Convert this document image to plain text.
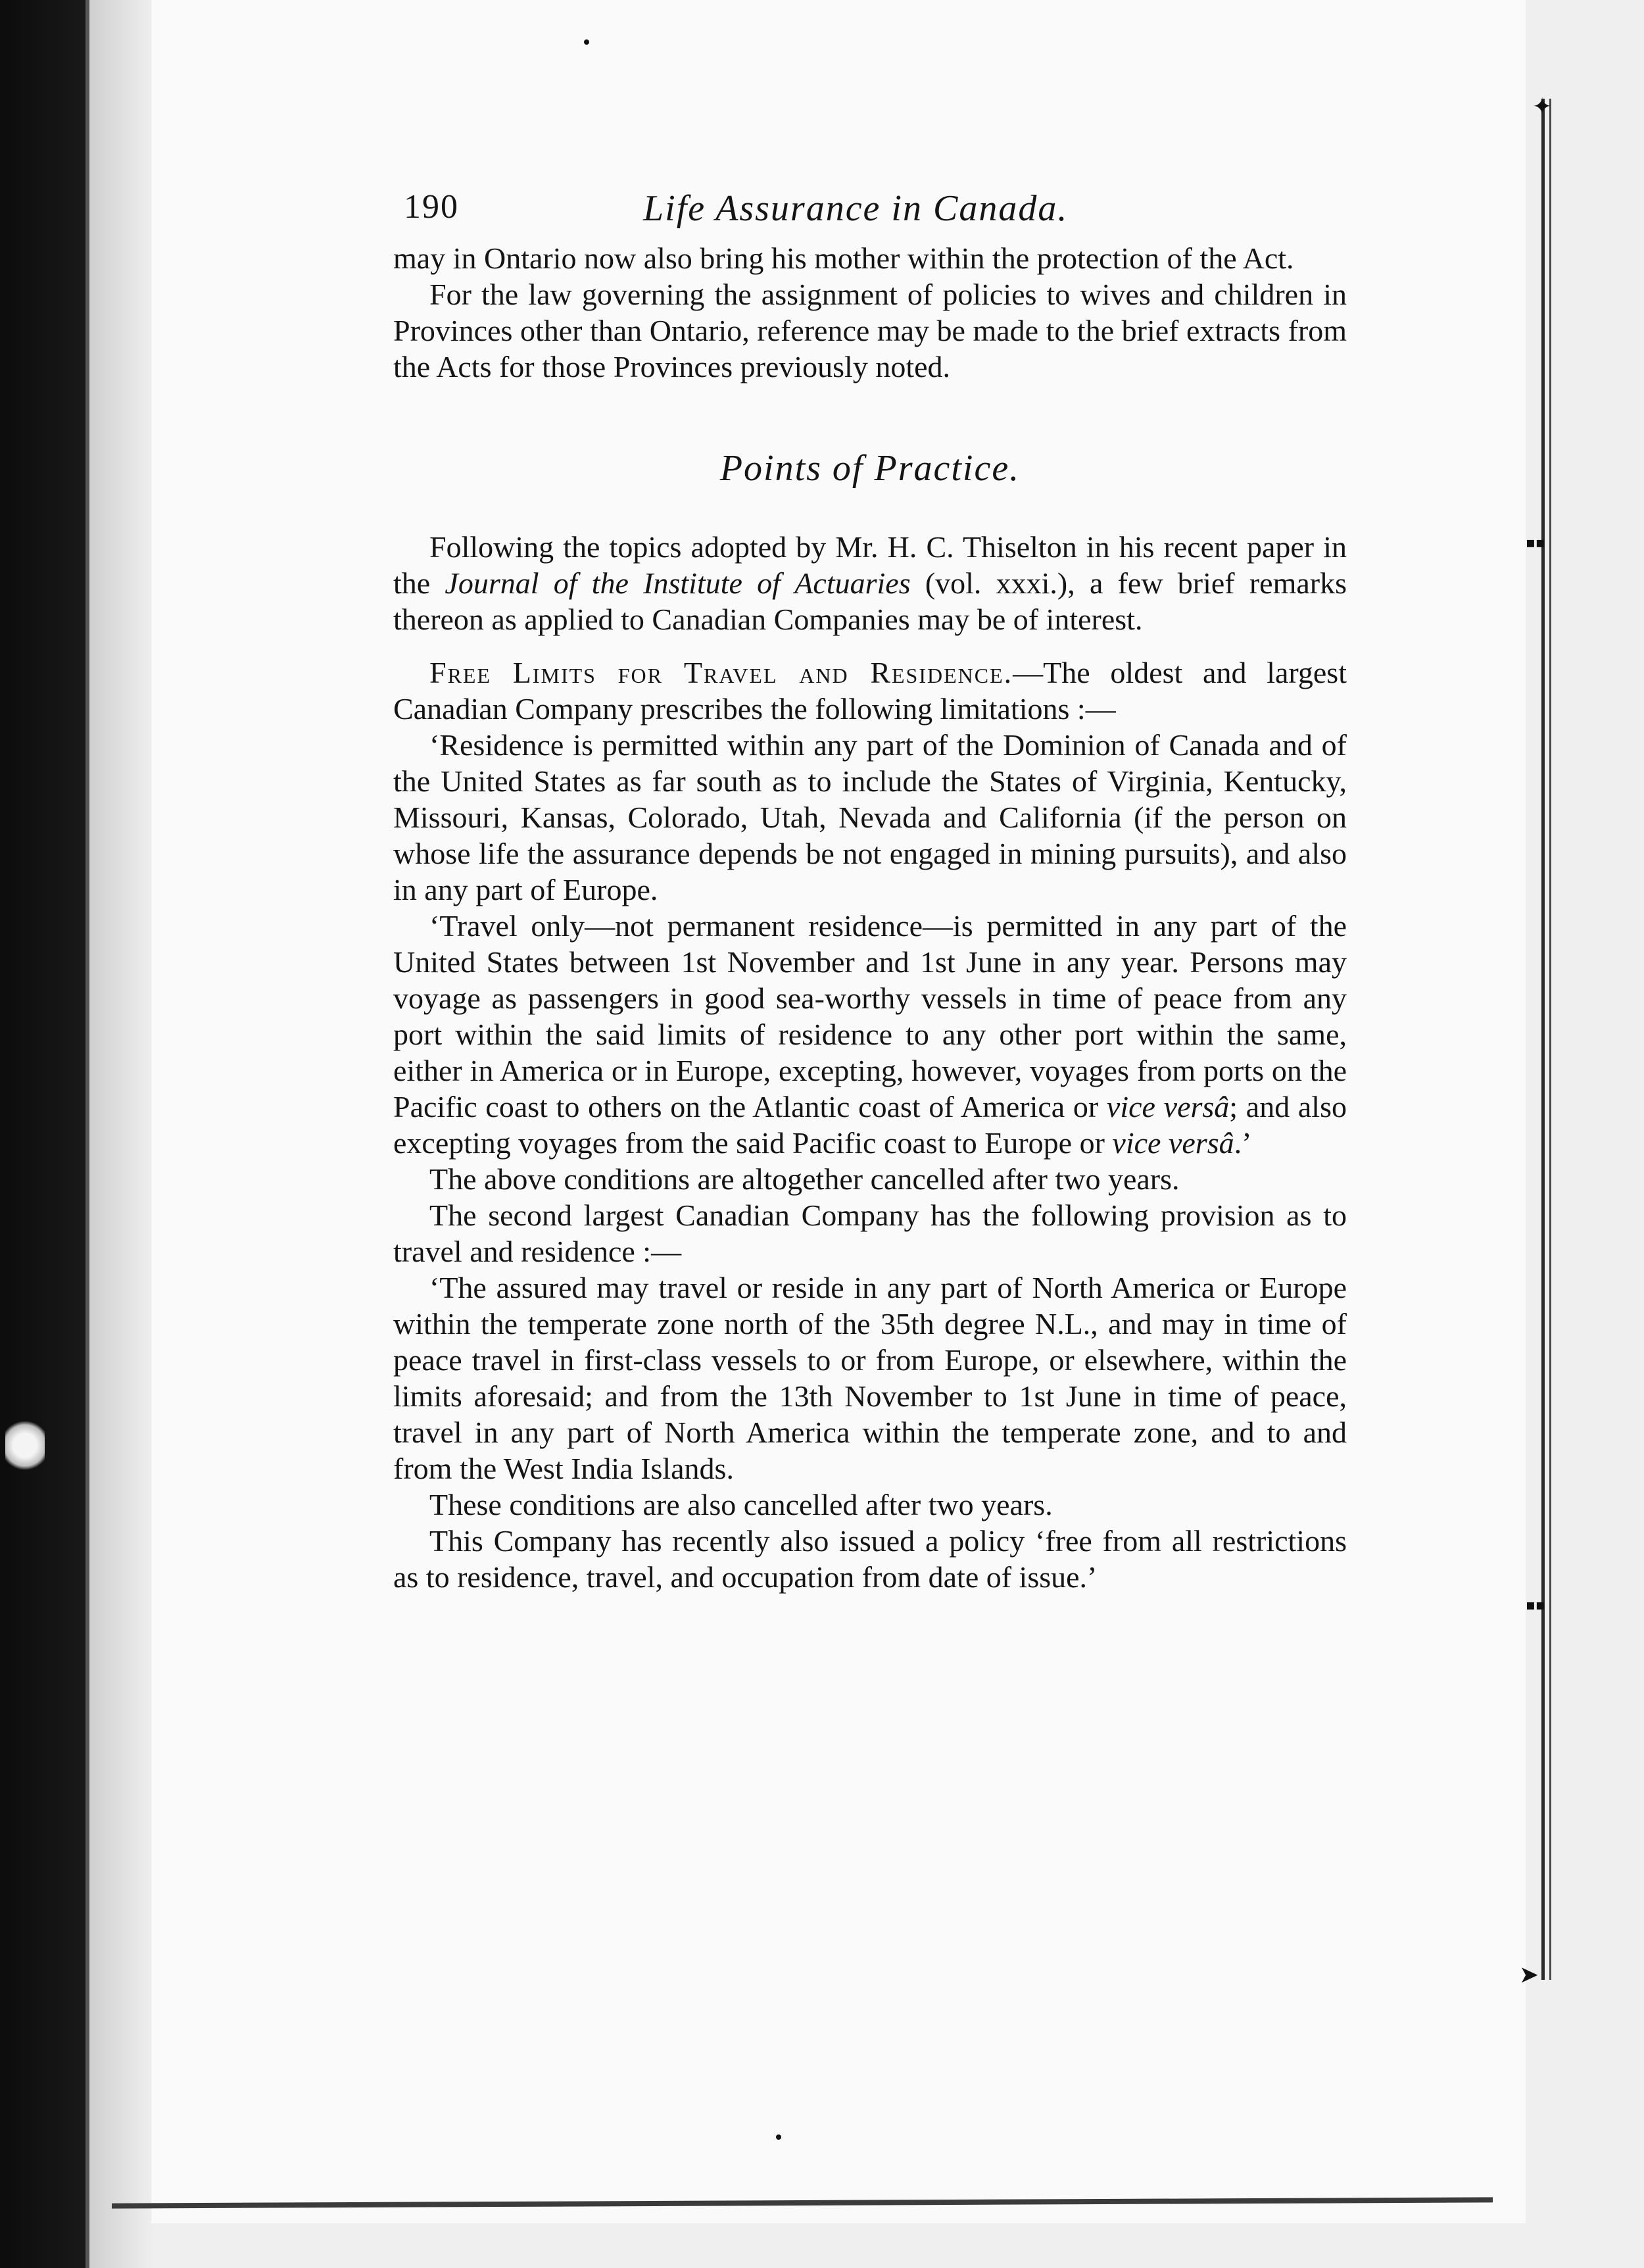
✦
▪▪
▪▪
➤
190	Life Assurance in Canada.

may in Ontario now also bring his mother within the protection of the Act.

For the law governing the assignment of policies to wives and children in Provinces other than Ontario, reference may be made to the brief extracts from the Acts for those Provinces previously noted.

Points of Practice.

Following the topics adopted by Mr. H. C. Thiselton in his recent paper in the Journal of the Institute of Actuaries (vol. xxxi.), a few brief remarks thereon as applied to Canadian Companies may be of interest.

Free Limits for Travel and Residence.—The oldest and largest Canadian Company prescribes the following limitations :—

‘Residence is permitted within any part of the Dominion of Canada and of the United States as far south as to include the States of Virginia, Kentucky, Missouri, Kansas, Colorado, Utah, Nevada and California (if the person on whose life the assurance depends be not engaged in mining pursuits), and also in any part of Europe.

‘Travel only—not permanent residence—is permitted in any part of the United States between 1st November and 1st June in any year. Persons may voyage as passengers in good sea-worthy vessels in time of peace from any port within the said limits of residence to any other port within the same, either in America or in Europe, excepting, however, voyages from ports on the Pacific coast to others on the Atlantic coast of America or vice versâ; and also excepting voyages from the said Pacific coast to Europe or vice versâ.’

The above conditions are altogether cancelled after two years.

The second largest Canadian Company has the following provision as to travel and residence :—

‘The assured may travel or reside in any part of North America or Europe within the temperate zone north of the 35th degree N.L., and may in time of peace travel in first-class vessels to or from Europe, or elsewhere, within the limits aforesaid; and from the 13th November to 1st June in time of peace, travel in any part of North America within the temperate zone, and to and from the West India Islands.

These conditions are also cancelled after two years.

This Company has recently also issued a policy ‘free from all restrictions as to residence, travel, and occupation from date of issue.’
